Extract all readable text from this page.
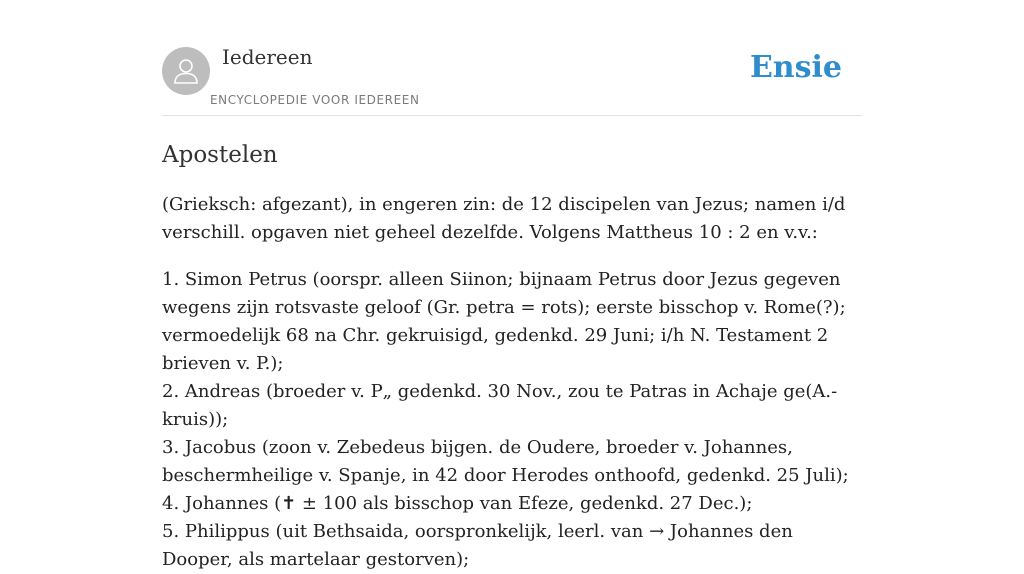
Iedereen
ENCYCLOPEDIE VOOR IEDEREEN
Ensie
Apostelen

(Grieksch: afgezant), in engeren zin: de 12 discipelen van Jezus; namen i/d verschill. opgaven niet geheel dezelfde. Volgens Mattheus 10 : 2 en v.v.:

1. Simon Petrus (oorspr. alleen Siinon; bijnaam Petrus door Jezus gegeven wegens zijn rotsvaste geloof (Gr. petra = rots); eerste bisschop v. Rome(?); vermoedelijk 68 na Chr. gekruisigd, gedenkd. 29 Juni; i/h N. Testament 2 brieven v. P.);
2. Andreas (broeder v. P„ gedenkd. 30 Nov., zou te Patras in Achaje ge(A.-kruis));
3. Jacobus (zoon v. Zebedeus bijgen. de Oudere, broeder v. Johannes, beschermheilige v. Spanje, in 42 door Herodes onthoofd, gedenkd. 25 Juli);
4. Johannes (✝ ± 100 als bisschop van Efeze, gedenkd. 27 Dec.);
5. Philippus (uit Bethsaida, oorspronkelijk, leerl. van → Johannes den Dooper, als martelaar gestorven);
